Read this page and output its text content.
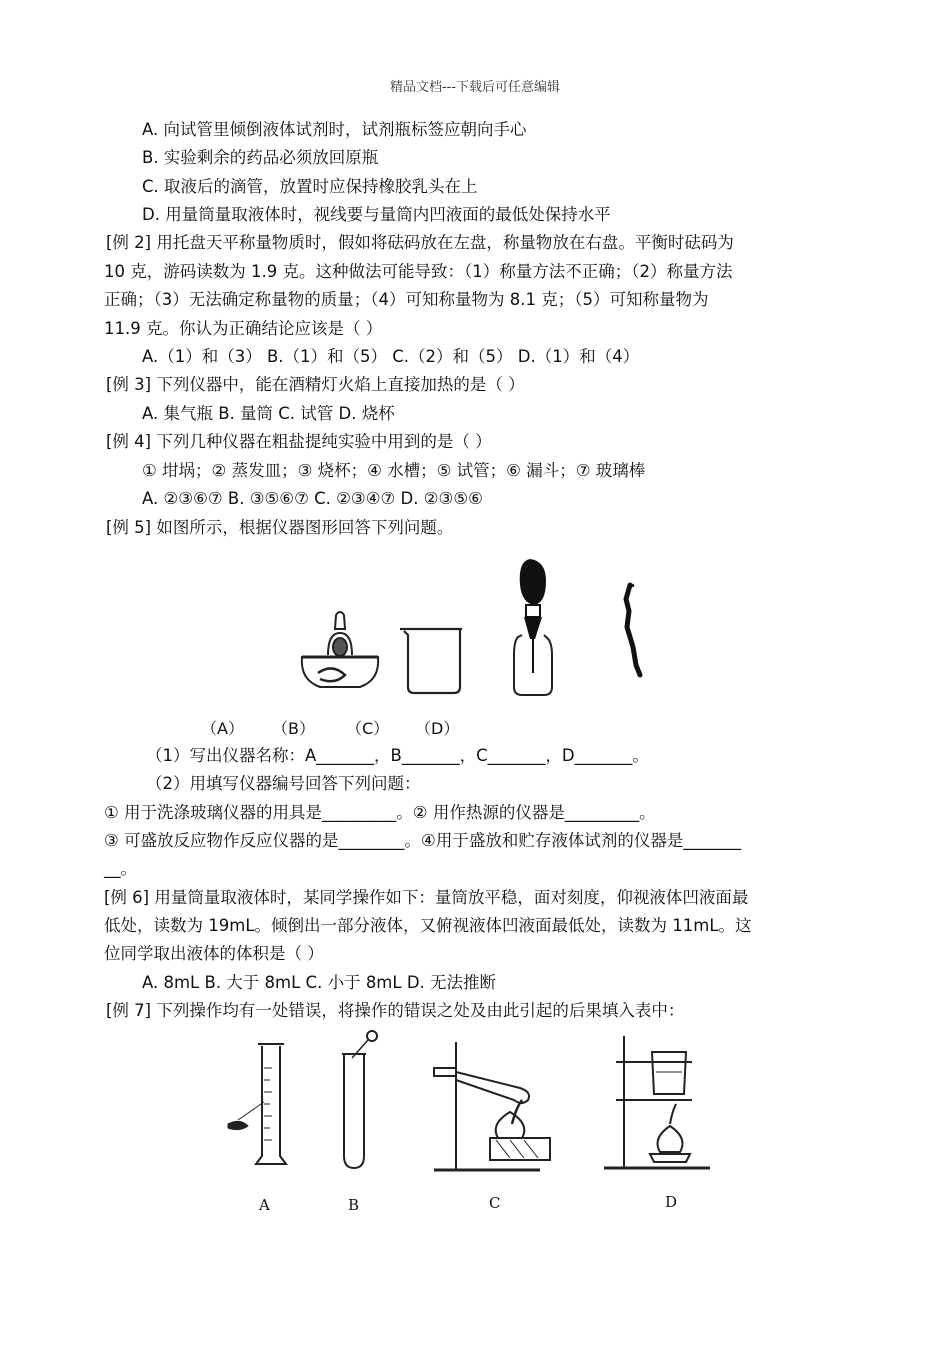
精品文档---下载后可任意编辑
A. 向试管里倾倒液体试剂时，试剂瓶标签应朝向手心
B. 实验剩余的药品必须放回原瓶
C. 取液后的滴管，放置时应保持橡胶乳头在上
D. 用量筒量取液体时，视线要与量筒内凹液面的最低处保持水平
[例 2] 用托盘天平称量物质时，假如将砝码放在左盘，称量物放在右盘。平衡时砝码为
10 克，游码读数为 1.9 克。这种做法可能导致：（1）称量方法不正确；（2）称量方法
正确；（3）无法确定称量物的质量；（4）可知称量物为 8.1 克；（5）可知称量物为
11.9 克。你认为正确结论应该是（ ）
A.（1）和（3） B.（1）和（5） C.（2）和（5） D.（1）和（4）
[例 3] 下列仪器中，能在酒精灯火焰上直接加热的是（ ）
A. 集气瓶 B. 量筒 C. 试管 D. 烧杯
[例 4] 下列几种仪器在粗盐提纯实验中用到的是（ ）
① 坩埚；② 蒸发皿；③ 烧杯；④ 水槽；⑤ 试管；⑥ 漏斗；⑦ 玻璃棒
A. ②③⑥⑦ B. ③⑤⑥⑦ C. ②③④⑦ D. ②③⑤⑥
[例 5] 如图所示，根据仪器图形回答下列问题。
（A） （B） （C） （D）
（1）写出仪器名称：A_______，B_______，C_______，D_______。
（2）用填写仪器编号回答下列问题：
① 用于洗涤玻璃仪器的用具是_________。② 用作热源的仪器是_________。
③ 可盛放反应物作反应仪器的是________。④用于盛放和贮存液体试剂的仪器是_______
__。
[例 6] 用量筒量取液体时，某同学操作如下：量筒放平稳，面对刻度，仰视液体凹液面最
低处，读数为 19mL。倾倒出一部分液体，又俯视液体凹液面最低处，读数为 11mL。这
位同学取出液体的体积是（ ）
A. 8mL B. 大于 8mL C. 小于 8mL D. 无法推断
[例 7] 下列操作均有一处错误，将操作的错误之处及由此引起的后果填入表中：
A	B	C	D
